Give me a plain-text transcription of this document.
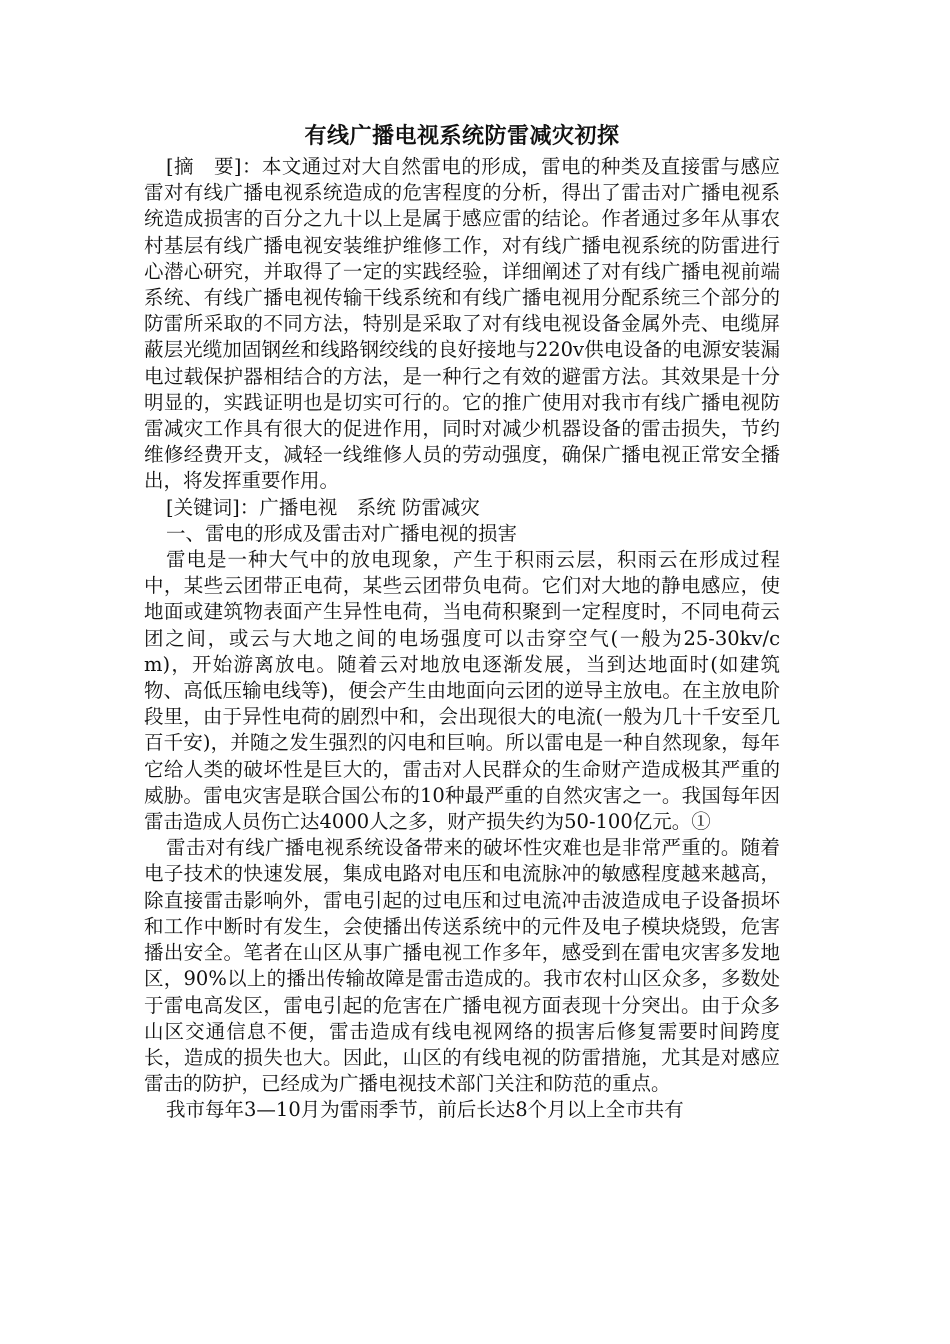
有线广播电视系统防雷减灾初探

[摘　要]：本文通过对大自然雷电的形成，雷电的种类及直接雷与感应雷对有线广播电视系统造成的危害程度的分析，得出了雷击对广播电视系统造成损害的百分之九十以上是属于感应雷的结论。作者通过多年从事农村基层有线广播电视安装维护维修工作，对有线广播电视系统的防雷进行心潜心研究，并取得了一定的实践经验，详细阐述了对有线广播电视前端系统、有线广播电视传输干线系统和有线广播电视用分配系统三个部分的防雷所采取的不同方法，特别是采取了对有线电视设备金属外壳、电缆屏蔽层光缆加固钢丝和线路钢绞线的良好接地与220v供电设备的电源安装漏电过载保护器相结合的方法，是一种行之有效的避雷方法。其效果是十分明显的，实践证明也是切实可行的。它的推广使用对我市有线广播电视防雷减灾工作具有很大的促进作用，同时对减少机器设备的雷击损失，节约维修经费开支，减轻一线维修人员的劳动强度，确保广播电视正常安全播出，将发挥重要作用。

[关键词]：广播电视　系统 防雷减灾

一、雷电的形成及雷击对广播电视的损害

雷电是一种大气中的放电现象，产生于积雨云层，积雨云在形成过程中，某些云团带正电荷，某些云团带负电荷。它们对大地的静电感应，使地面或建筑物表面产生异性电荷，当电荷积聚到一定程度时，不同电荷云团之间，或云与大地之间的电场强度可以击穿空气(一般为25-30kv/cm)，开始游离放电。随着云对地放电逐渐发展，当到达地面时(如建筑物、高低压输电线等)，便会产生由地面向云团的逆导主放电。在主放电阶段里，由于异性电荷的剧烈中和，会出现很大的电流(一般为几十千安至几百千安)，并随之发生强烈的闪电和巨响。所以雷电是一种自然现象，每年它给人类的破坏性是巨大的，雷击对人民群众的生命财产造成极其严重的威胁。雷电灾害是联合国公布的10种最严重的自然灾害之一。我国每年因雷击造成人员伤亡达4000人之多，财产损失约为50-100亿元。①

雷击对有线广播电视系统设备带来的破坏性灾难也是非常严重的。随着电子技术的快速发展，集成电路对电压和电流脉冲的敏感程度越来越高，除直接雷击影响外，雷电引起的过电压和过电流冲击波造成电子设备损坏和工作中断时有发生，会使播出传送系统中的元件及电子模块烧毁，危害播出安全。笔者在山区从事广播电视工作多年，感受到在雷电灾害多发地区，90%以上的播出传输故障是雷击造成的。我市农村山区众多，多数处于雷电高发区，雷电引起的危害在广播电视方面表现十分突出。由于众多山区交通信息不便，雷击造成有线电视网络的损害后修复需要时间跨度长，造成的损失也大。因此，山区的有线电视的防雷措施，尤其是对感应雷击的防护，已经成为广播电视技术部门关注和防范的重点。

我市每年3—10月为雷雨季节，前后长达8个月以上全市共有
